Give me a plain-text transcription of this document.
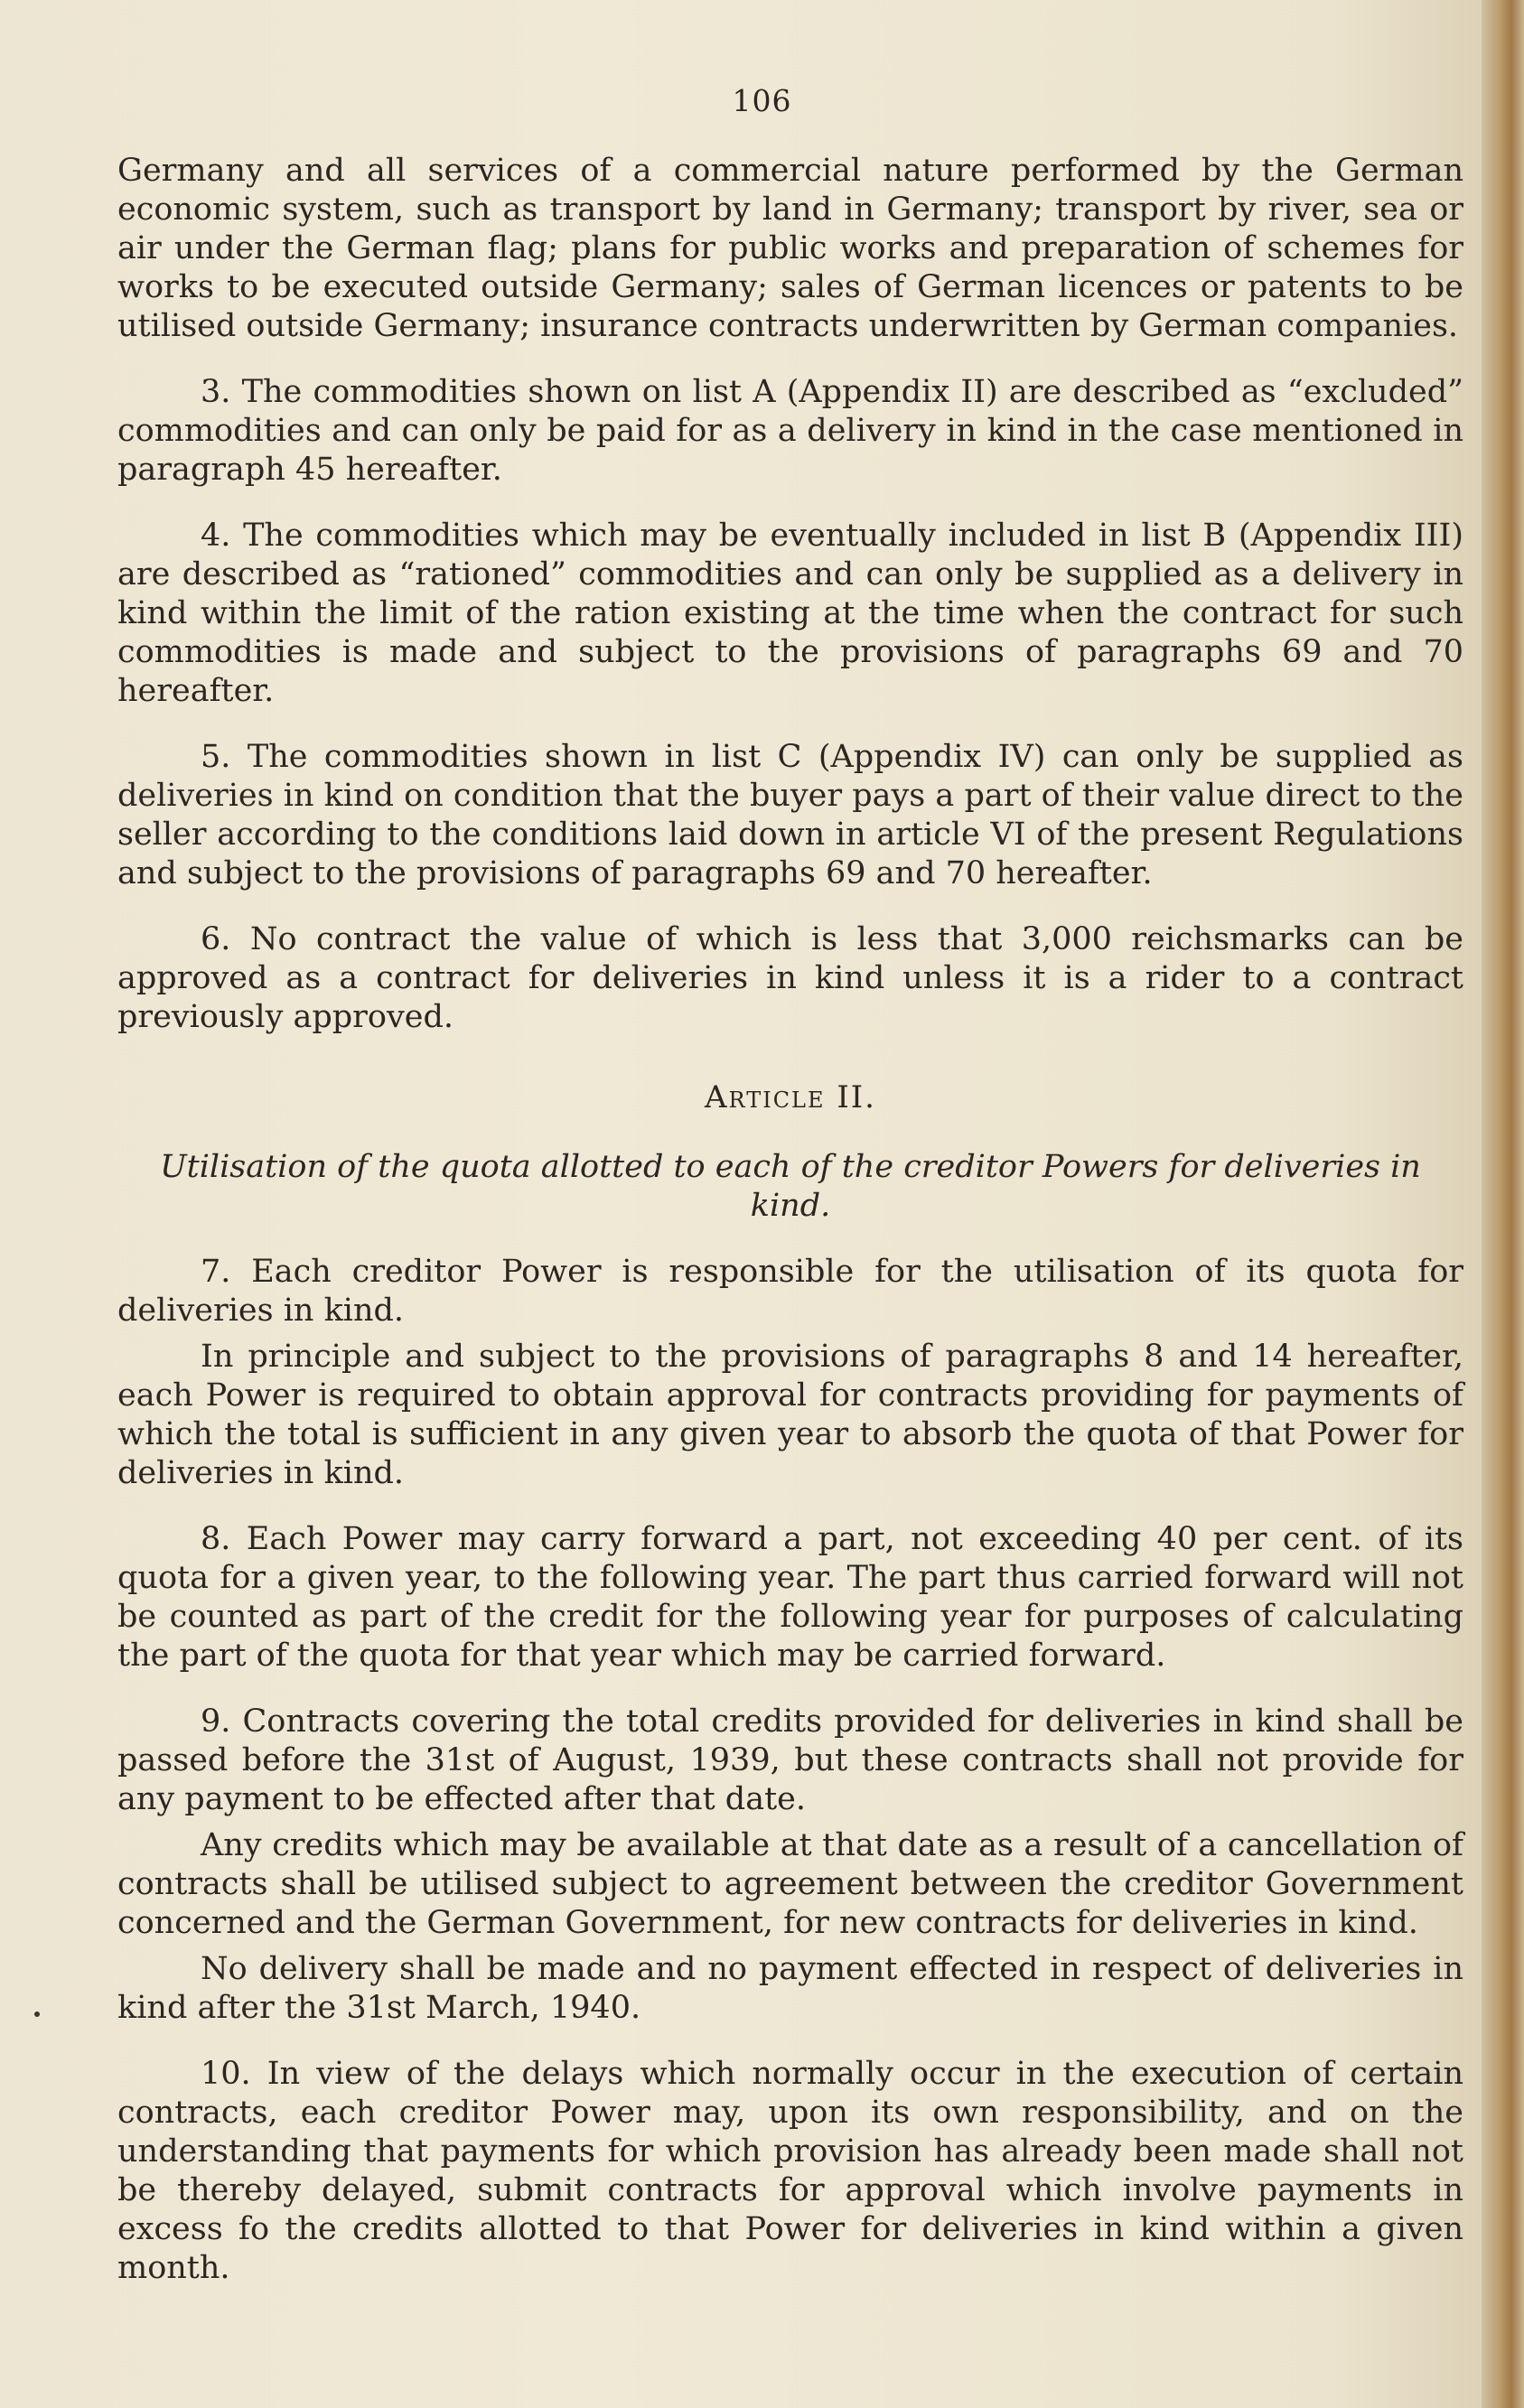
106

Germany and all services of a commercial nature performed by the German economic system, such as transport by land in Germany; transport by river, sea or air under the German flag; plans for public works and preparation of schemes for works to be executed outside Germany; sales of German licences or patents to be utilised outside Germany; insurance contracts underwritten by German companies.

3. The commodities shown on list A (Appendix II) are described as “excluded” commodities and can only be paid for as a delivery in kind in the case mentioned in paragraph 45 hereafter.

4. The commodities which may be eventually included in list B (Appendix III) are described as “rationed” commodities and can only be supplied as a delivery in kind within the limit of the ration existing at the time when the contract for such commodities is made and subject to the provisions of paragraphs 69 and 70 hereafter.

5. The commodities shown in list C (Appendix IV) can only be supplied as deliveries in kind on condition that the buyer pays a part of their value direct to the seller according to the conditions laid down in article VI of the present Regulations and subject to the provisions of paragraphs 69 and 70 hereafter.

6. No contract the value of which is less that 3,000 reichsmarks can be approved as a contract for deliveries in kind unless it is a rider to a contract previously approved.

Article II.
Utilisation of the quota allotted to each of the creditor Powers for deliveries in kind.

7. Each creditor Power is responsible for the utilisation of its quota for deliveries in kind.

In principle and subject to the provisions of paragraphs 8 and 14 hereafter, each Power is required to obtain approval for contracts providing for payments of which the total is sufficient in any given year to absorb the quota of that Power for deliveries in kind.

8. Each Power may carry forward a part, not exceeding 40 per cent. of its quota for a given year, to the following year. The part thus carried forward will not be counted as part of the credit for the following year for purposes of calculating the part of the quota for that year which may be carried forward.

9. Contracts covering the total credits provided for deliveries in kind shall be passed before the 31st of August, 1939, but these contracts shall not provide for any payment to be effected after that date.

Any credits which may be available at that date as a result of a cancellation of contracts shall be utilised subject to agreement between the creditor Government concerned and the German Government, for new contracts for deliveries in kind.

No delivery shall be made and no payment effected in respect of deliveries in kind after the 31st March, 1940.

10. In view of the delays which normally occur in the execution of certain contracts, each creditor Power may, upon its own responsibility, and on the understanding that payments for which provision has already been made shall not be thereby delayed, submit contracts for approval which involve payments in excess fo the credits allotted to that Power for deliveries in kind within a given month.
